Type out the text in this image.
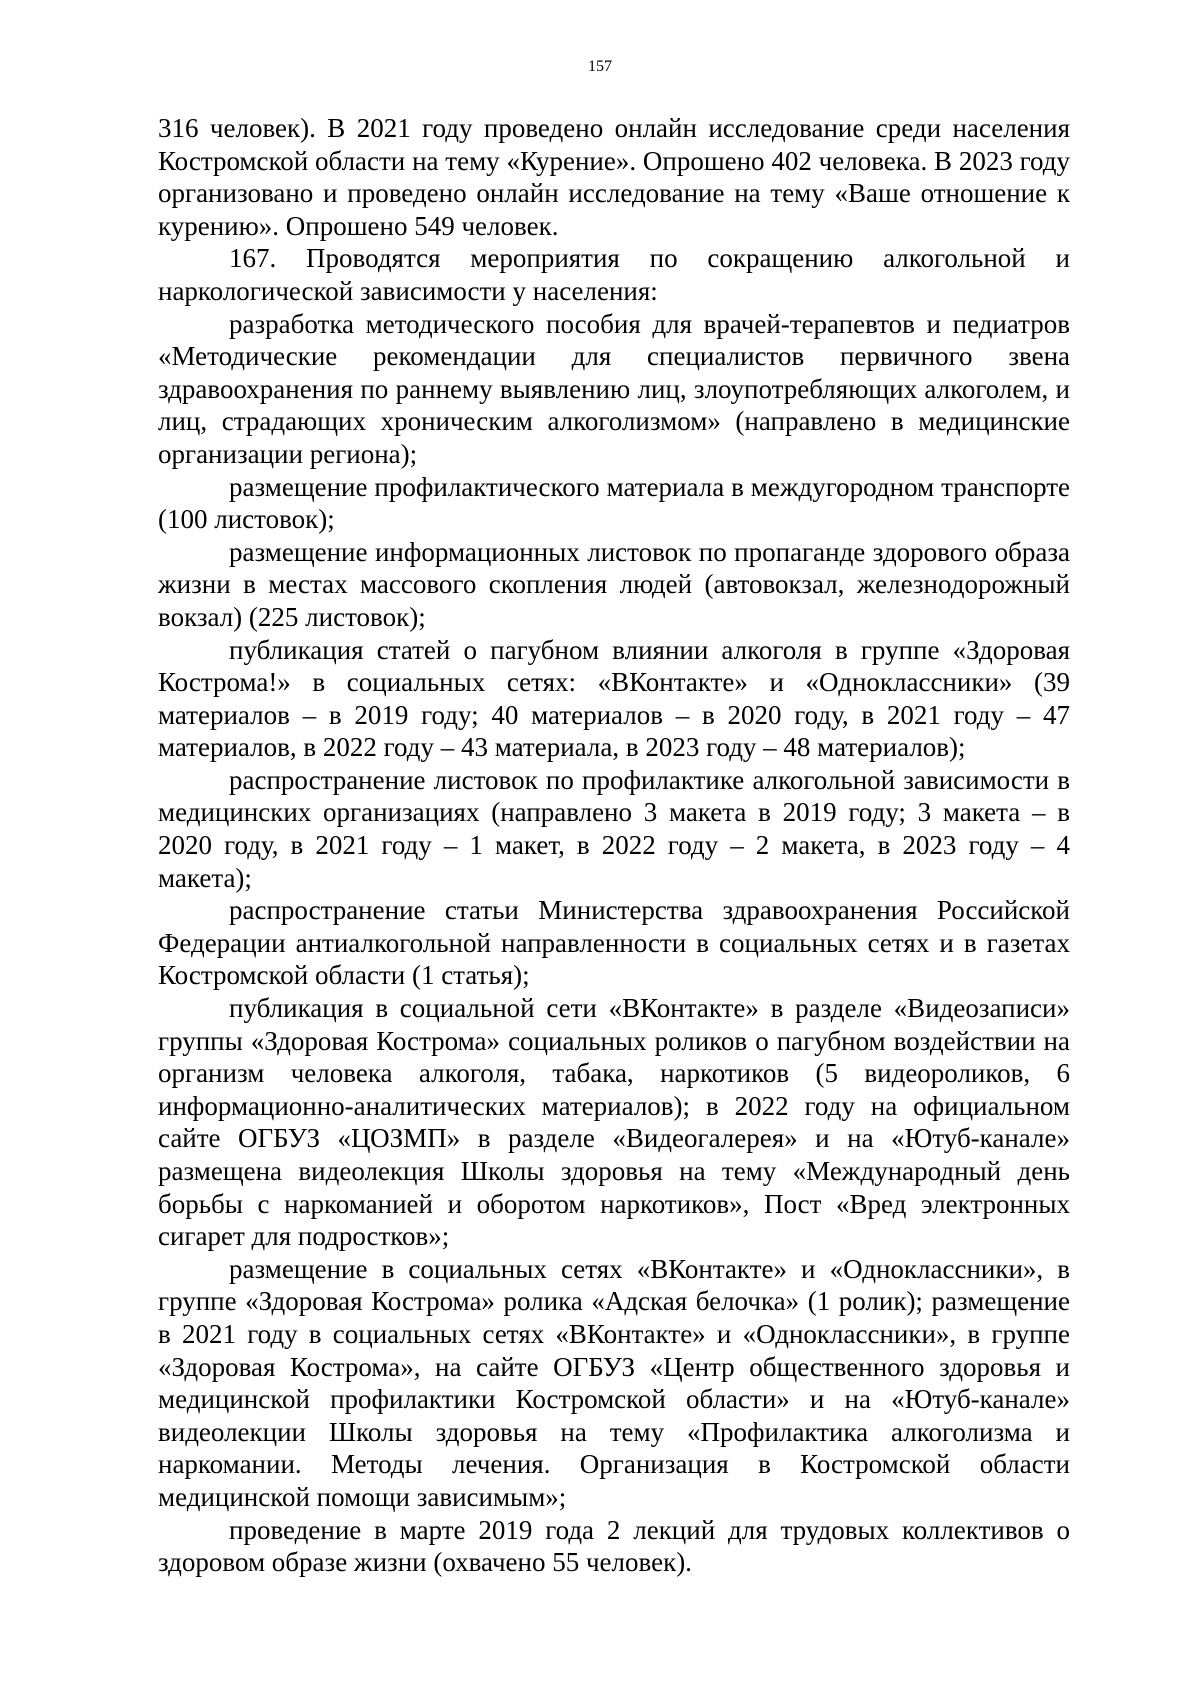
157

316 человек). В 2021 году проведено онлайн исследование среди населения Костромской области на тему «Курение». Опрошено 402 человека. В 2023 году организовано и проведено онлайн исследование на тему «Ваше отношение к курению». Опрошено 549 человек.

167. Проводятся мероприятия по сокращению алкогольной и наркологической зависимости у населения:

разработка методического пособия для врачей-терапевтов и педиатров «Методические рекомендации для специалистов первичного звена здравоохранения по раннему выявлению лиц, злоупотребляющих алкоголем, и лиц, страдающих хроническим алкоголизмом» (направлено в медицинские организации региона);

размещение профилактического материала в междугородном транспорте (100 листовок);

размещение информационных листовок по пропаганде здорового образа жизни в местах массового скопления людей (автовокзал, железнодорожный вокзал) (225 листовок);

публикация статей о пагубном влиянии алкоголя в группе «Здоровая Кострома!» в социальных сетях: «ВКонтакте» и «Одноклассники» (39 материалов – в 2019 году; 40 материалов – в 2020 году, в 2021 году – 47 материалов, в 2022 году – 43 материала, в 2023 году – 48 материалов);

распространение листовок по профилактике алкогольной зависимости в медицинских организациях (направлено 3 макета в 2019 году; 3 макета – в 2020 году, в 2021 году – 1 макет, в 2022 году – 2 макета, в 2023 году – 4 макета);

распространение статьи Министерства здравоохранения Российской Федерации антиалкогольной направленности в социальных сетях и в газетах Костромской области (1 статья);

публикация в социальной сети «ВКонтакте» в разделе «Видеозаписи» группы «Здоровая Кострома» социальных роликов о пагубном воздействии на организм человека алкоголя, табака, наркотиков (5 видеороликов, 6 информационно-аналитических материалов); в 2022 году на официальном сайте ОГБУЗ «ЦОЗМП» в разделе «Видеогалерея» и на «Ютуб-канале» размещена видеолекция Школы здоровья на тему «Международный день борьбы с наркоманией и оборотом наркотиков», Пост «Вред электронных сигарет для подростков»;

размещение в социальных сетях «ВКонтакте» и «Одноклассники», в группе «Здоровая Кострома» ролика «Адская белочка» (1 ролик); размещение в 2021 году в социальных сетях «ВКонтакте» и «Одноклассники», в группе «Здоровая Кострома», на сайте ОГБУЗ «Центр общественного здоровья и медицинской профилактики Костромской области» и на «Ютуб-канале» видеолекции Школы здоровья на тему «Профилактика алкоголизма и наркомании. Методы лечения. Организация в Костромской области медицинской помощи зависимым»;

проведение в марте 2019 года 2 лекций для трудовых коллективов о здоровом образе жизни (охвачено 55 человек).
